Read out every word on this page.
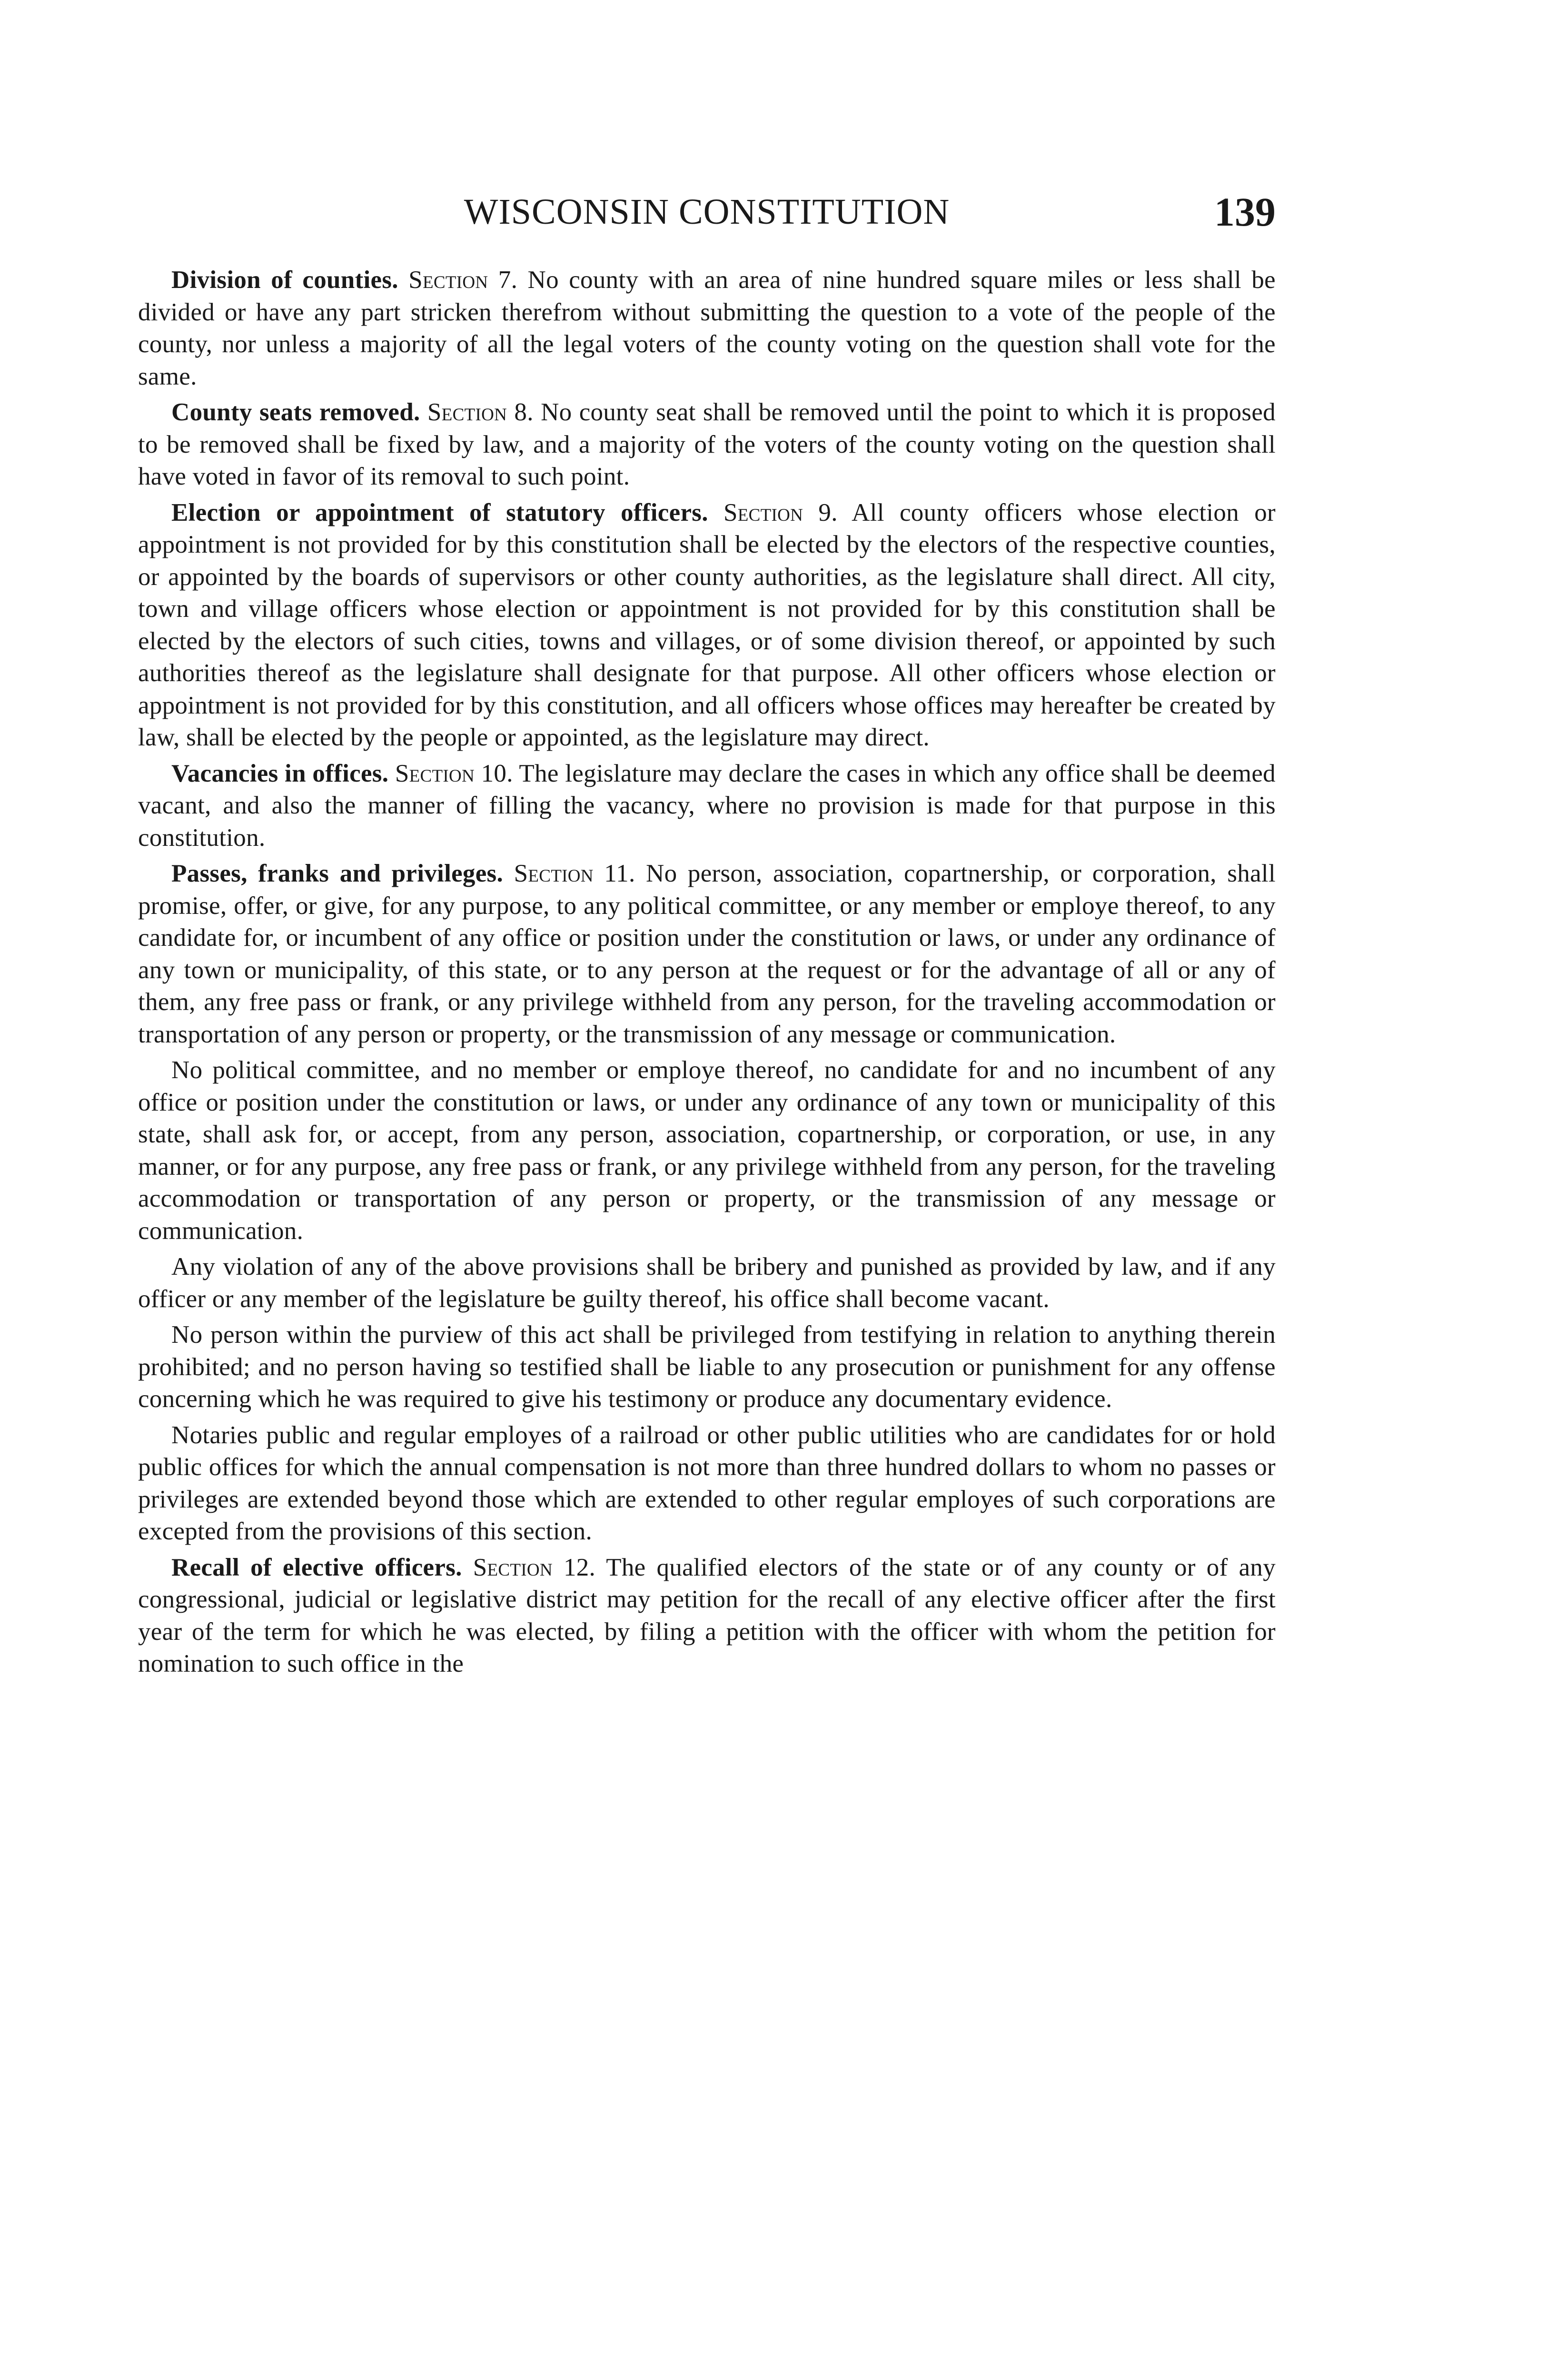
WISCONSIN CONSTITUTION	139

Division of counties. Section 7. No county with an area of nine hundred square miles or less shall be divided or have any part stricken therefrom without submitting the question to a vote of the people of the county, nor unless a majority of all the legal voters of the county voting on the question shall vote for the same.

County seats removed. Section 8. No county seat shall be removed until the point to which it is proposed to be removed shall be fixed by law, and a majority of the voters of the county voting on the question shall have voted in favor of its removal to such point.

Election or appointment of statutory officers. Section 9. All county officers whose election or appointment is not provided for by this constitution shall be elected by the electors of the respective counties, or appointed by the boards of supervisors or other county authorities, as the legislature shall direct. All city, town and village officers whose election or appointment is not provided for by this constitution shall be elected by the electors of such cities, towns and villages, or of some division thereof, or appointed by such authorities thereof as the legislature shall designate for that purpose. All other officers whose election or appointment is not provided for by this constitution, and all officers whose offices may hereafter be created by law, shall be elected by the people or appointed, as the legislature may direct.

Vacancies in offices. Section 10. The legislature may declare the cases in which any office shall be deemed vacant, and also the manner of filling the vacancy, where no provision is made for that purpose in this constitution.

Passes, franks and privileges. Section 11. No person, association, copartnership, or corporation, shall promise, offer, or give, for any purpose, to any political committee, or any member or employe thereof, to any candidate for, or incumbent of any office or position under the constitution or laws, or under any ordinance of any town or municipality, of this state, or to any person at the request or for the advantage of all or any of them, any free pass or frank, or any privilege withheld from any person, for the traveling accommodation or transportation of any person or property, or the transmission of any message or communication.

No political committee, and no member or employe thereof, no candidate for and no incumbent of any office or position under the constitution or laws, or under any ordinance of any town or municipality of this state, shall ask for, or accept, from any person, association, copartnership, or corporation, or use, in any manner, or for any purpose, any free pass or frank, or any privilege withheld from any person, for the traveling accommodation or transportation of any person or property, or the transmission of any message or communication.

Any violation of any of the above provisions shall be bribery and punished as provided by law, and if any officer or any member of the legislature be guilty thereof, his office shall become vacant.

No person within the purview of this act shall be privileged from testifying in relation to anything therein prohibited; and no person having so testified shall be liable to any prosecution or punishment for any offense concerning which he was required to give his testimony or produce any documentary evidence.

Notaries public and regular employes of a railroad or other public utilities who are candidates for or hold public offices for which the annual compensation is not more than three hundred dollars to whom no passes or privileges are extended beyond those which are extended to other regular employes of such corporations are excepted from the provisions of this section.

Recall of elective officers. Section 12. The qualified electors of the state or of any county or of any congressional, judicial or legislative district may petition for the recall of any elective officer after the first year of the term for which he was elected, by filing a petition with the officer with whom the petition for nomination to such office in the
